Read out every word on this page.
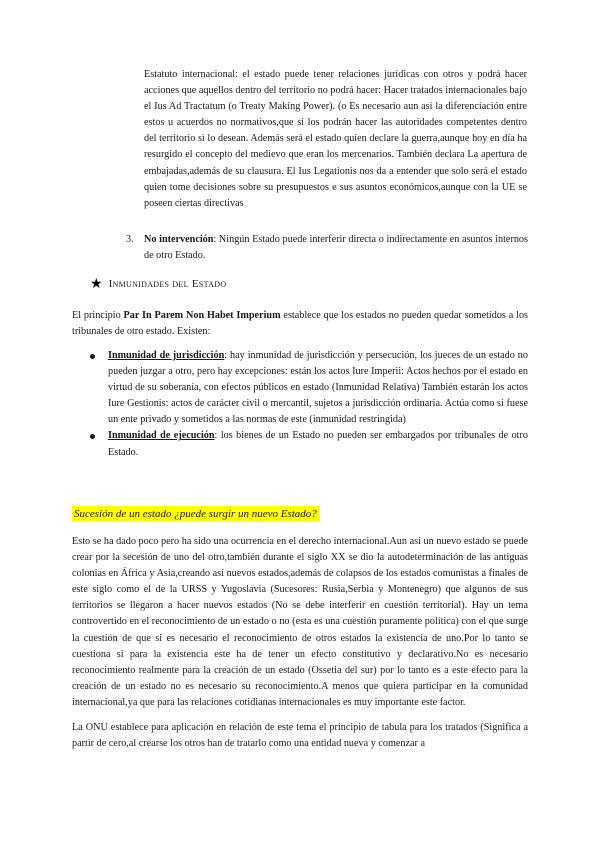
Estatuto internacional: el estado puede tener relaciones jurídicas con otros y podrá hacer acciones que aquellos dentro del territorio no podrá hacer: Hacer tratados internacionales bajo el Ius Ad Tractatum (o Treaty Making Power). (o Es necesario aun así la diferenciación entre estos u acuerdos no normativos,que si los podrán hacer las autoridades competentes dentro del territorio si lo desean. Además será el estado quien declare la guerra,aunque hoy en día ha resurgido el concepto del medievo que eran los mercenarios. También declara La apertura de embajadas,además de su clausura. El Ius Legationis nos da a entender que solo será el estado quien tome decisiones sobre su presupuestos e sus asuntos económicos,aunque con la UE se poseen ciertas directivas

3.	No intervención: Ningún Estado puede interferir directa o indirectamente en asuntos internos de otro Estado.

★ Inmunidades del Estado

El principio Par In Parem Non Habet Imperium establece que los estados no pueden quedar sometidos a los tribunales de otro estado. Existen:

Inmunidad de jurisdicción: hay inmunidad de jurisdicción y persecución, los jueces de un estado no pueden juzgar a otro, pero hay excepciones: están los actos Iure Imperii: Actos hechos por el estado en virtud de su soberanía, con efectos públicos en estado (Inmunidad Relativa) También estarán los actos Iure Gestionis: actos de carácter civil o mercantil, sujetos a jurisdicción ordinaria. Actúa como si fuese un ente privado y sometidos a las normas de este (inmunidad restringida)

Inmunidad de ejecución: los bienes de un Estado no pueden ser embargados por tribunales de otro Estado.

Sucesión de un estado ¿puede surgir un nuevo Estado?

Esto se ha dado poco pero ha sido una ocurrencia en el derecho internacional.Aun así un nuevo estado se puede crear por la secesión de uno del otro,también durante el siglo XX se dio la autodeterminación de las antiguas colonias en África y Asia,creando así nuevos estados,además de colapsos de los estados comunistas a finales de este siglo como el de la URSS y Yugoslavia (Sucesores: Rusia,Serbia y Montenegro) que algunos de sus territorios se llegaron a hacer nuevos estados (No se debe interferir en cuestión territorial). Hay un tema controvertido en el reconocimiento de un estado o no (esta es una cuestión puramente política) con el que surge la cuestión de que si es necesario el reconocimiento de otros estados la existencia de uno.Por lo tanto se cuestiona si para la existencia este ha de tener un efecto constitutivo y declarativo.No es necesario reconocimiento realmente para la creación de un estado (Ossetia del sur) por lo tanto es a este efecto para la creación de un estado no es necesario su reconocimiento.A menos que quiera participar en la comunidad internacional,ya que para las relaciones cotidianas internacionales es muy importante este factor.

La ONU establece para aplicación en relación de este tema el principio de tabula para los tratados (Significa a partir de cero,al crearse los otros han de tratarlo como una entidad nueva y comenzar a
